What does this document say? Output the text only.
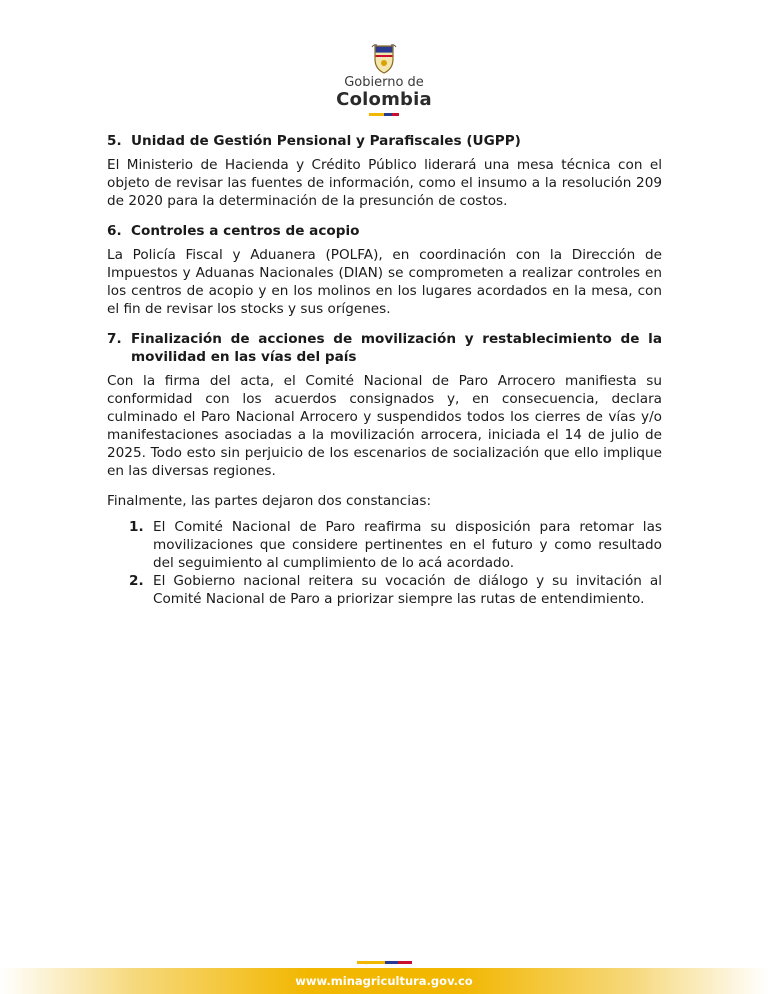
Gobierno de
Colombia
5. Unidad de Gestión Pensional y Parafiscales (UGPP)

El Ministerio de Hacienda y Crédito Público liderará una mesa técnica con el objeto de revisar las fuentes de información, como el insumo a la resolución 209 de 2020 para la determinación de la presunción de costos.

6. Controles a centros de acopio

La Policía Fiscal y Aduanera (POLFA), en coordinación con la Dirección de Impuestos y Aduanas Nacionales (DIAN) se comprometen a realizar controles en los centros de acopio y en los molinos en los lugares acordados en la mesa, con el fin de revisar los stocks y sus orígenes.

7. Finalización de acciones de movilización y restablecimiento de la movilidad en las vías del país

Con la firma del acta, el Comité Nacional de Paro Arrocero manifiesta su conformidad con los acuerdos consignados y, en consecuencia, declara culminado el Paro Nacional Arrocero y suspendidos todos los cierres de vías y/o manifestaciones asociadas a la movilización arrocera, iniciada el 14 de julio de 2025. Todo esto sin perjuicio de los escenarios de socialización que ello implique en las diversas regiones.

Finalmente, las partes dejaron dos constancias:

1. El Comité Nacional de Paro reafirma su disposición para retomar las movilizaciones que considere pertinentes en el futuro y como resultado del seguimiento al cumplimiento de lo acá acordado.
2. El Gobierno nacional reitera su vocación de diálogo y su invitación al Comité Nacional de Paro a priorizar siempre las rutas de entendimiento.
www.minagricultura.gov.co
